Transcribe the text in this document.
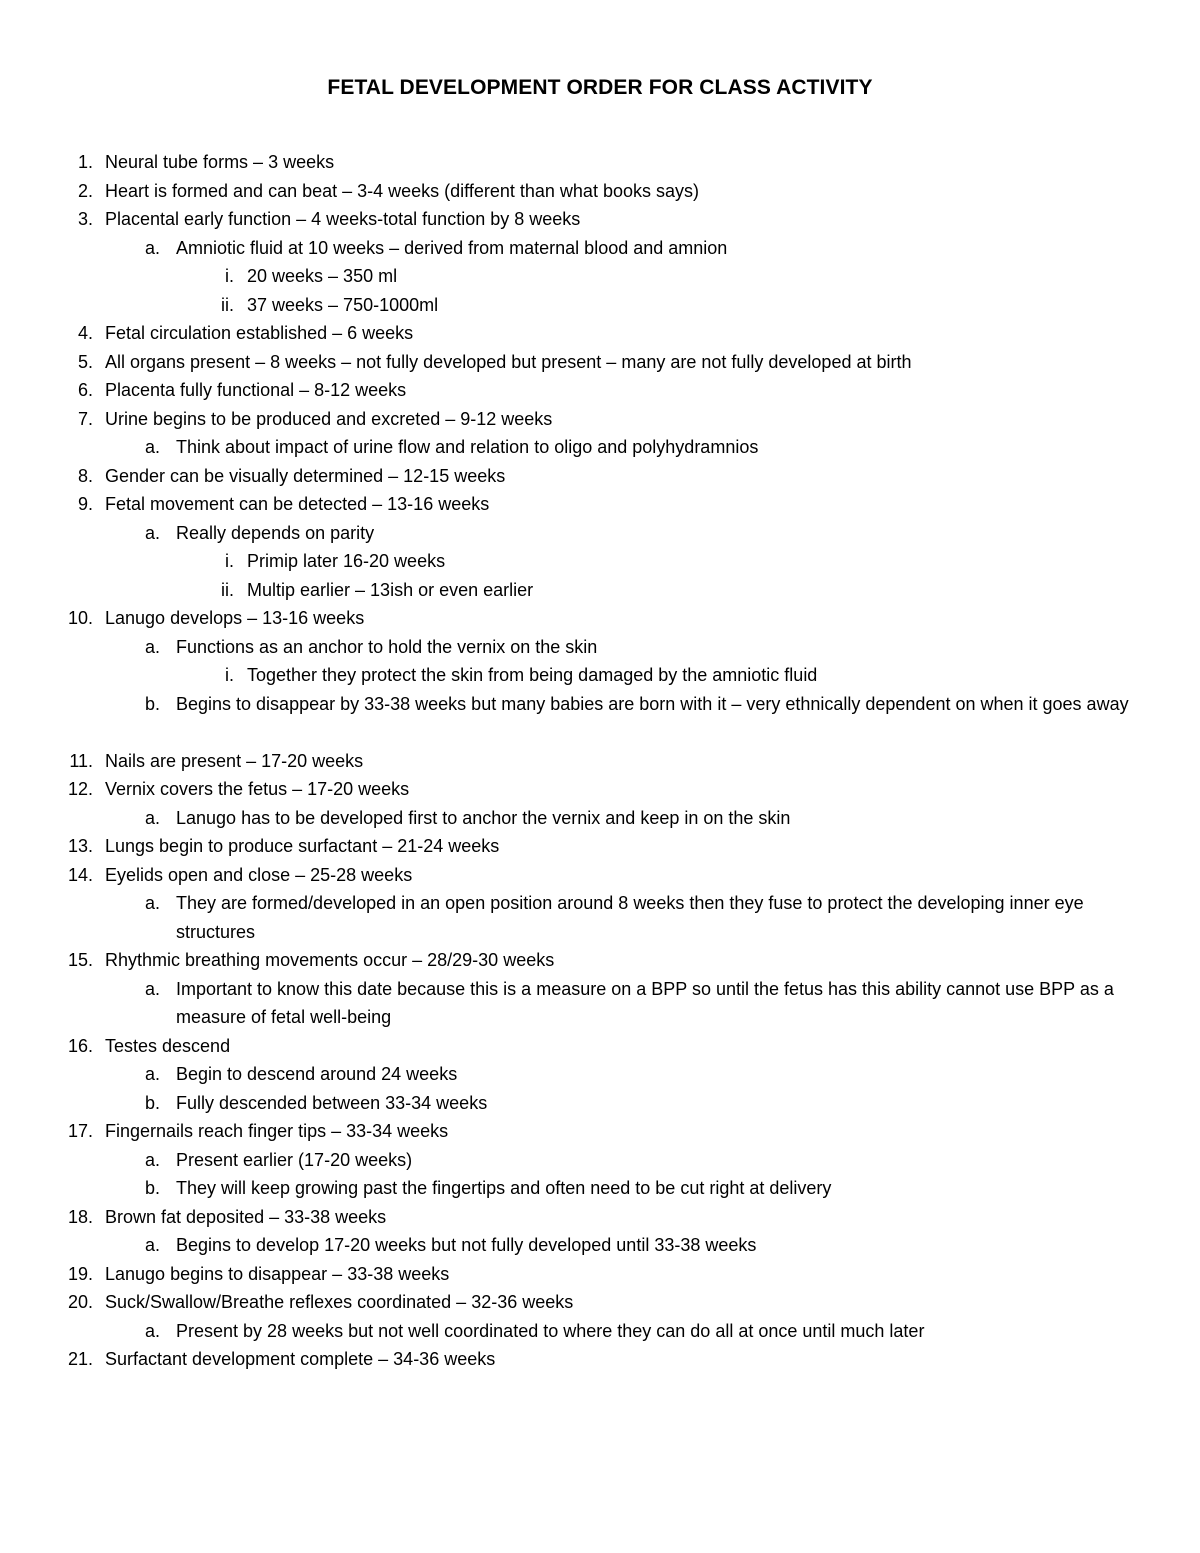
FETAL DEVELOPMENT ORDER FOR CLASS ACTIVITY
1. Neural tube forms – 3 weeks
2. Heart is formed and can beat – 3-4 weeks (different than what books says)
3. Placental early function – 4 weeks-total function by 8 weeks
a. Amniotic fluid at 10 weeks – derived from maternal blood and amnion
i. 20 weeks – 350 ml
ii. 37 weeks – 750-1000ml
4. Fetal circulation established – 6 weeks
5. All organs present – 8 weeks – not fully developed but present – many are not fully developed at birth
6. Placenta fully functional – 8-12 weeks
7. Urine begins to be produced and excreted – 9-12 weeks
a. Think about impact of urine flow and relation to oligo and polyhydramnios
8. Gender can be visually determined – 12-15 weeks
9. Fetal movement can be detected – 13-16 weeks
a. Really depends on parity
i. Primip later 16-20 weeks
ii. Multip earlier – 13ish or even earlier
10. Lanugo develops – 13-16 weeks
a. Functions as an anchor to hold the vernix on the skin
i. Together they protect the skin from being damaged by the amniotic fluid
b. Begins to disappear by 33-38 weeks but many babies are born with it – very ethnically dependent on when it goes away
11. Nails are present – 17-20 weeks
12. Vernix covers the fetus – 17-20 weeks
a. Lanugo has to be developed first to anchor the vernix and keep in on the skin
13. Lungs begin to produce surfactant – 21-24 weeks
14. Eyelids open and close – 25-28 weeks
a. They are formed/developed in an open position around 8 weeks then they fuse to protect the developing inner eye structures
15. Rhythmic breathing movements occur – 28/29-30 weeks
a. Important to know this date because this is a measure on a BPP so until the fetus has this ability cannot use BPP as a measure of fetal well-being
16. Testes descend
a. Begin to descend around 24 weeks
b. Fully descended between 33-34 weeks
17. Fingernails reach finger tips – 33-34 weeks
a. Present earlier (17-20 weeks)
b. They will keep growing past the fingertips and often need to be cut right at delivery
18. Brown fat deposited – 33-38 weeks
a. Begins to develop 17-20 weeks but not fully developed until 33-38 weeks
19. Lanugo begins to disappear – 33-38 weeks
20. Suck/Swallow/Breathe reflexes coordinated – 32-36 weeks
a. Present by 28 weeks but not well coordinated to where they can do all at once until much later
21. Surfactant development complete – 34-36 weeks
